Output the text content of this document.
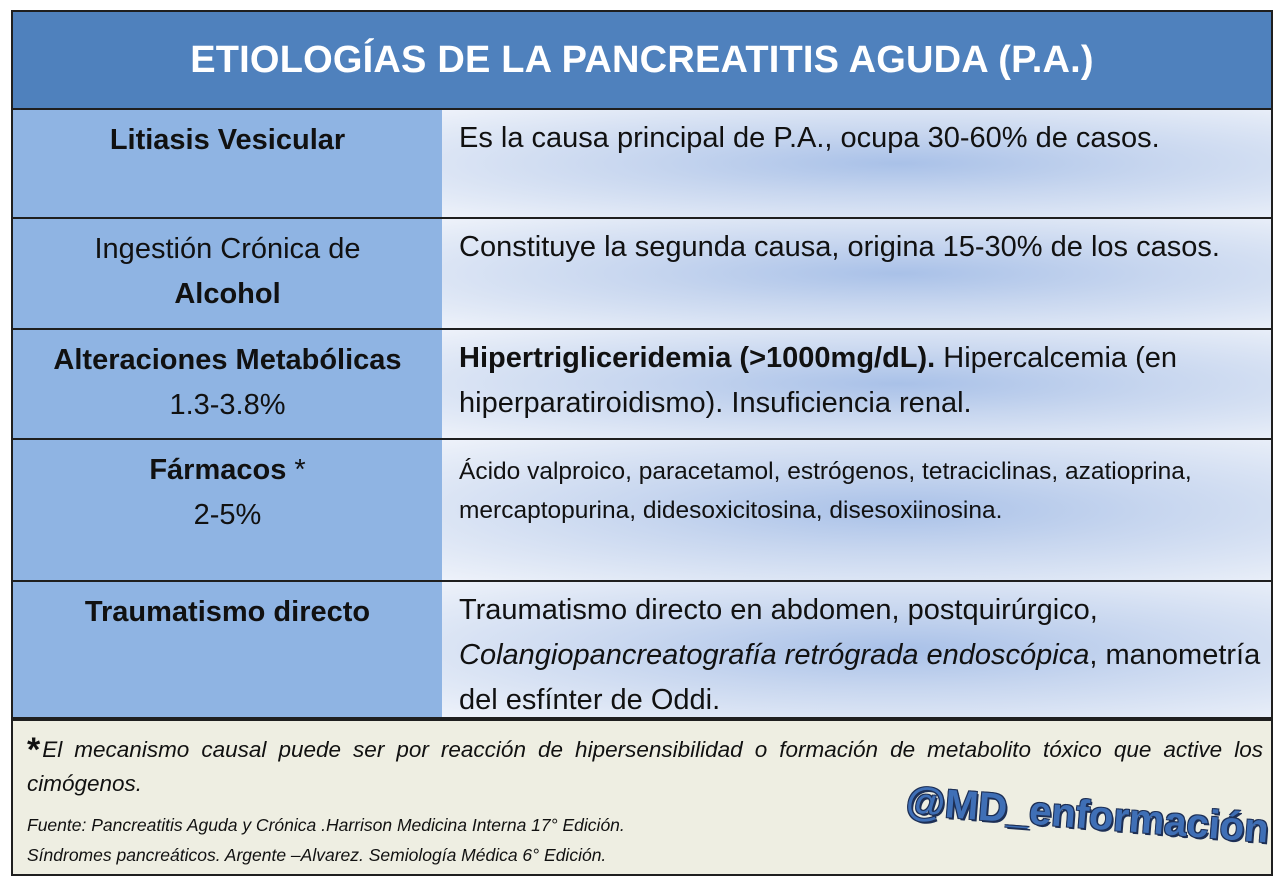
ETIOLOGÍAS DE LA PANCREATITIS AGUDA (P.A.)
Litiasis Vesicular	Es la causa principal de P.A., ocupa 30-60% de casos.
Ingestión Crónica de
Alcohol
Constituye la segunda causa, origina 15-30% de los casos.
Alteraciones Metabólicas
1.3-3.8%
Hipertrigliceridemia (>1000mg/dL). Hipercalcemia (en hiperparatiroidismo). Insuficiencia renal.
Fármacos *
2-5%
Ácido valproico, paracetamol, estrógenos, tetraciclinas, azatioprina, mercaptopurina, didesoxicitosina, disesoxiinosina.
Traumatismo directo	Traumatismo directo en abdomen, postquirúrgico, Colangiopancreatografía retrógrada endoscópica, manometría del esfínter de Oddi.
*El mecanismo causal puede ser por reacción de hipersensibilidad o formación de metabolito tóxico que active los cimógenos.
Fuente: Pancreatitis Aguda y Crónica .Harrison Medicina Interna 17° Edición.
Síndromes pancreáticos. Argente –Alvarez. Semiología Médica 6° Edición.
@MD_enformación
